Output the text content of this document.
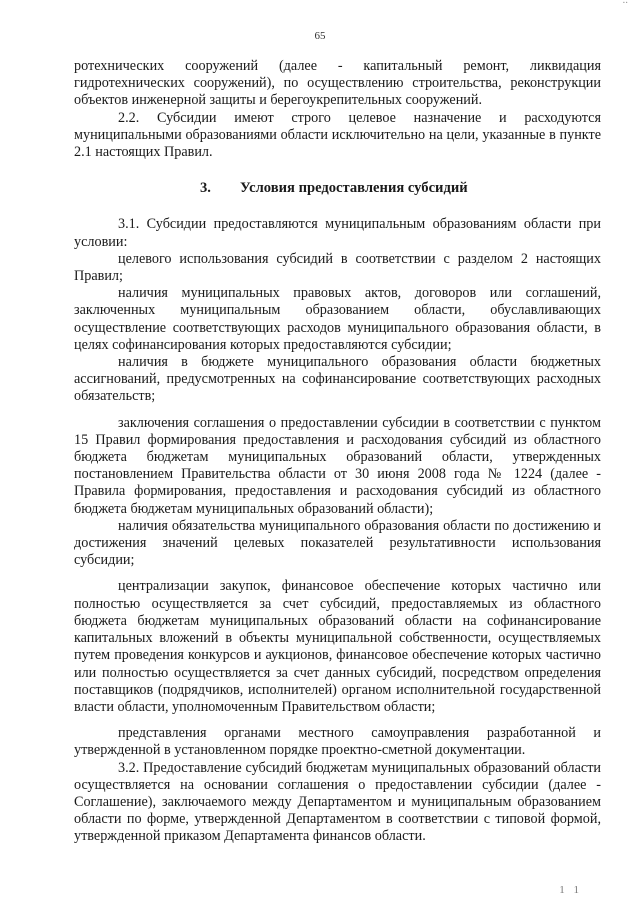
..
65

ротехнических сооружений (далее - капитальный ремонт, ликвидация гидротехнических сооружений), по осуществлению строительства, реконструкции объектов инженерной защиты и берегоукрепительных сооружений.

2.2. Субсидии имеют строго целевое назначение и расходуются муниципальными образованиями области исключительно на цели, указанные в пункте 2.1 настоящих Правил.

3. Условия предоставления субсидий

3.1. Субсидии предоставляются муниципальным образованиям области при условии:

целевого использования субсидий в соответствии с разделом 2 настоящих Правил;

наличия муниципальных правовых актов, договоров или соглашений, заключенных муниципальным образованием области, обуславливающих осуществление соответствующих расходов муниципального образования области, в целях софинансирования которых предоставляются субсидии;

наличия в бюджете муниципального образования области бюджетных ассигнований, предусмотренных на софинансирование соответствующих расходных обязательств;

заключения соглашения о предоставлении субсидии в соответствии с пунктом 15 Правил формирования предоставления и расходования субсидий из областного бюджета бюджетам муниципальных образований области, утвержденных постановлением Правительства области от 30 июня 2008 года № 1224 (далее - Правила формирования, предоставления и расходования субсидий из областного бюджета бюджетам муниципальных образований области);

наличия обязательства муниципального образования области по достижению и достижения значений целевых показателей результативности использования субсидии;

централизации закупок, финансовое обеспечение которых частично или полностью осуществляется за счет субсидий, предоставляемых из областного бюджета бюджетам муниципальных образований области на софинансирование капитальных вложений в объекты муниципальной собственности, осуществляемых путем проведения конкурсов и аукционов, финансовое обеспечение которых частично или полностью осуществляется за счет данных субсидий, посредством определения поставщиков (подрядчиков, исполнителей) органом исполнительной государственной власти области, уполномоченным Правительством области;

представления органами местного самоуправления разработанной и утвержденной в установленном порядке проектно-сметной документации.

3.2. Предоставление субсидий бюджетам муниципальных образований области осуществляется на основании соглашения о предоставлении субсидии (далее - Соглашение), заключаемого между Департаментом и муниципальным образованием области по форме, утвержденной Департаментом в соответствии с типовой формой, утвержденной приказом Департамента финансов области.

1 1
